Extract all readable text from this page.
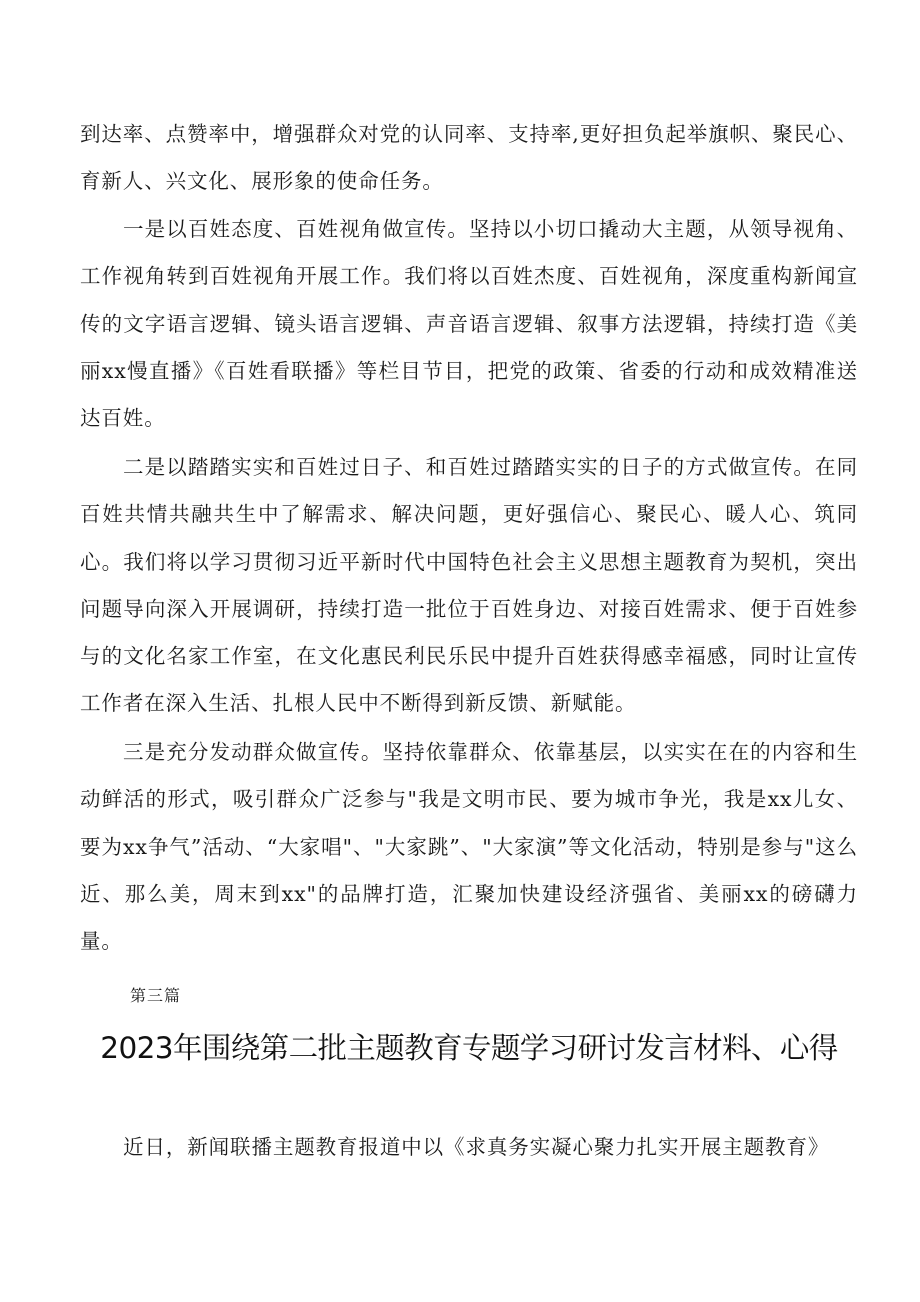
到达率、点赞率中，增强群众对党的认同率、支持率,更好担负起举旗帜、聚民心、育新人、兴文化、展形象的使命任务。

一是以百姓态度、百姓视角做宣传。坚持以小切口撬动大主题，从领导视角、工作视角转到百姓视角开展工作。我们将以百姓杰度、百姓视角，深度重构新闻宣传的文字语言逻辑、镜头语言逻辑、声音语言逻辑、叙事方法逻辑，持续打造《美丽xx慢直播》《百姓看联播》等栏目节目，把党的政策、省委的行动和成效精准送达百姓。

二是以踏踏实实和百姓过日子、和百姓过踏踏实实的日子的方式做宣传。在同百姓共情共融共生中了解需求、解决问题，更好强信心、聚民心、暖人心、筑同心。我们将以学习贯彻习近平新时代中国特色社会主义思想主题教育为契机，突出问题导向深入开展调研，持续打造一批位于百姓身边、对接百姓需求、便于百姓参与的文化名家工作室，在文化惠民利民乐民中提升百姓获得感幸福感，同时让宣传工作者在深入生活、扎根人民中不断得到新反馈、新赋能。

三是充分发动群众做宣传。坚持依靠群众、依靠基层，以实实在在的内容和生动鲜活的形式，吸引群众广泛参与"我是文明市民、要为城市争光，我是xx儿女、要为xx争气”活动、“大家唱"、"大家跳”、"大家演”等文化活动，特别是参与"这么近、那么美，周末到xx"的品牌打造，汇聚加快建设经济强省、美丽xx的磅礴力量。

第三篇

2023年围绕第二批主题教育专题学习研讨发言材料、心得

近日，新闻联播主题教育报道中以《求真务实凝心聚力扎实开展主题教育》
